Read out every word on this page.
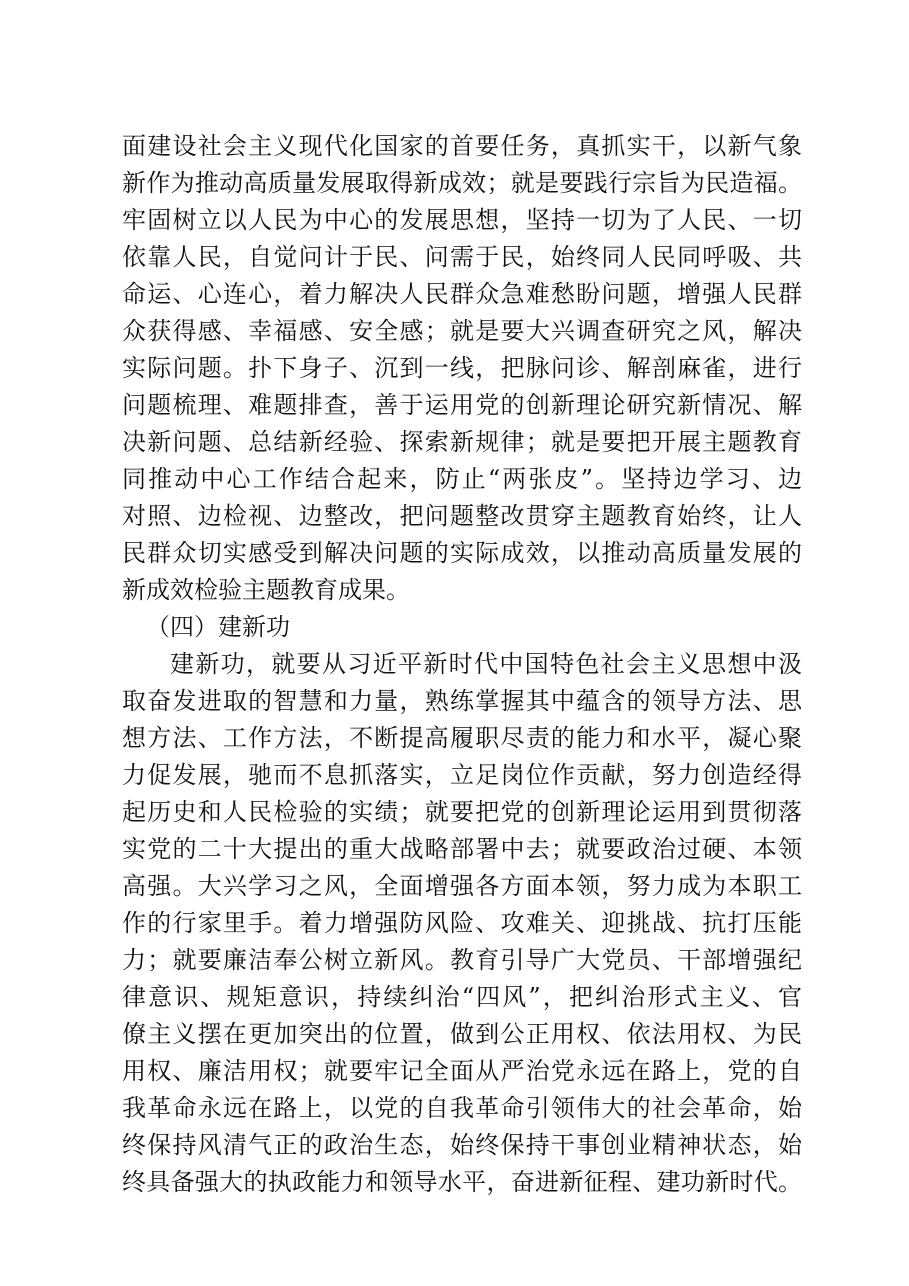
面建设社会主义现代化国家的首要任务，真抓实干，以新气象
新作为推动高质量发展取得新成效；就是要践行宗旨为民造福。
牢固树立以人民为中心的发展思想，坚持一切为了人民、一切
依靠人民，自觉问计于民、问需于民，始终同人民同呼吸、共
命运、心连心，着力解决人民群众急难愁盼问题，增强人民群
众获得感、幸福感、安全感；就是要大兴调查研究之风，解决
实际问题。扑下身子、沉到一线，把脉问诊、解剖麻雀，进行
问题梳理、难题排查，善于运用党的创新理论研究新情况、解
决新问题、总结新经验、探索新规律；就是要把开展主题教育
同推动中心工作结合起来，防止“两张皮”。坚持边学习、边
对照、边检视、边整改，把问题整改贯穿主题教育始终，让人
民群众切实感受到解决问题的实际成效，以推动高质量发展的
新成效检验主题教育成果。
（四）建新功
建新功，就要从习近平新时代中国特色社会主义思想中汲
取奋发进取的智慧和力量，熟练掌握其中蕴含的领导方法、思
想方法、工作方法，不断提高履职尽责的能力和水平，凝心聚
力促发展，驰而不息抓落实，立足岗位作贡献，努力创造经得
起历史和人民检验的实绩；就要把党的创新理论运用到贯彻落
实党的二十大提出的重大战略部署中去；就要政治过硬、本领
高强。大兴学习之风，全面增强各方面本领，努力成为本职工
作的行家里手。着力增强防风险、攻难关、迎挑战、抗打压能
力；就要廉洁奉公树立新风。教育引导广大党员、干部增强纪
律意识、规矩意识，持续纠治“四风”，把纠治形式主义、官
僚主义摆在更加突出的位置，做到公正用权、依法用权、为民
用权、廉洁用权；就要牢记全面从严治党永远在路上，党的自
我革命永远在路上，以党的自我革命引领伟大的社会革命，始
终保持风清气正的政治生态，始终保持干事创业精神状态，始
终具备强大的执政能力和领导水平，奋进新征程、建功新时代。
